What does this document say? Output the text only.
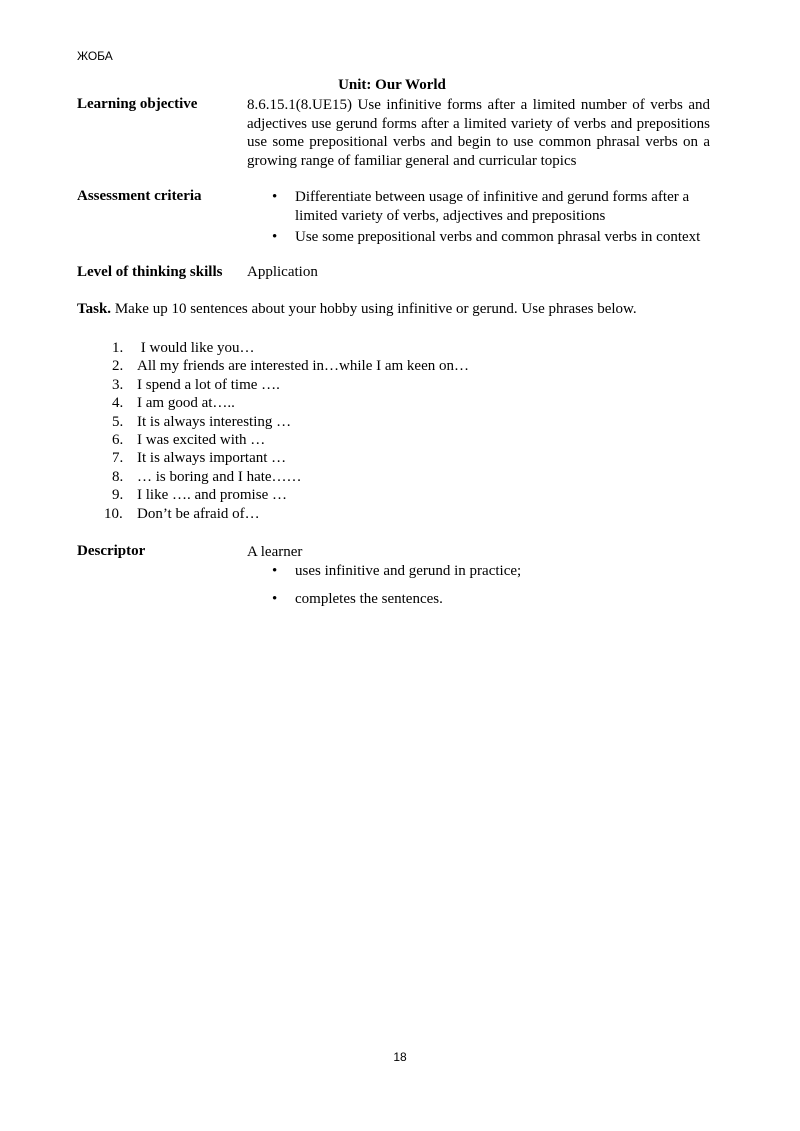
ЖОБА
Unit: Our World
Learning objective	8.6.15.1(8.UE15) Use infinitive forms after a limited number of verbs and adjectives use gerund forms after a limited variety of verbs and prepositions use some prepositional verbs and begin to use common phrasal verbs on a growing range of familiar general and curricular topics
Assessment criteria
•	Differentiate between usage of infinitive and gerund forms after a limited variety of verbs, adjectives and prepositions
• Use some prepositional verbs and common phrasal verbs in context
Level of thinking skills Application
Task. Make up 10 sentences about your hobby using infinitive or gerund. Use phrases below.
1. I would like you…
2. All my friends are interested in…while I am keen on…
3. I spend a lot of time ….
4. I am good at…..
5. It is always interesting …
6. I was excited with …
7. It is always important …
8. … is boring and I hate……
9. I like …. and promise …
10. Don’t be afraid of…
Descriptor	A learner
• uses infinitive and gerund in practice;
• completes the sentences.
18
